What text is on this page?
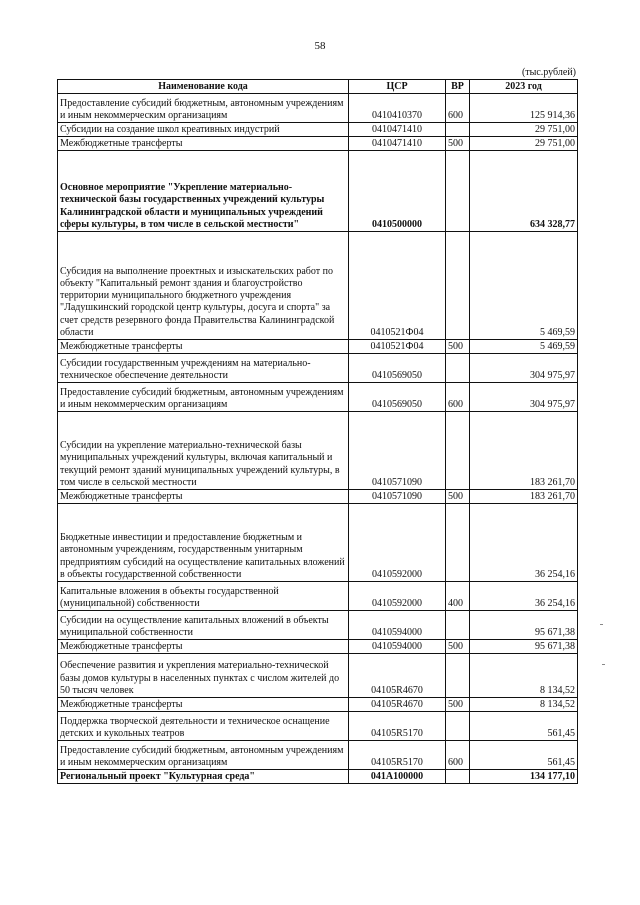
58
(тыс.рублей)
Наименование кода	ЦСР	ВР	2023 год
Предоставление субсидий бюджетным, автономным учреждениям и иным некоммерческим организациям	0410410370	600	125 914,36
Субсидии на создание школ креативных индустрий	0410471410		29 751,00
Межбюджетные трансферты	0410471410	500	29 751,00
Основное мероприятие "Укрепление материально-технической базы государственных учреждений культуры Калининградской области и муниципальных учреждений сферы культуры, в том числе в сельской местности"	0410500000		634 328,77
Субсидия на выполнение проектных и изыскательских работ по объекту "Капитальный ремонт здания и благоустройство территории муниципального бюджетного учреждения "Ладушкинский городской центр культуры, досуга и спорта" за счет средств резервного фонда Правительства Калининградской области	0410521Ф04		5 469,59
Межбюджетные трансферты	0410521Ф04	500	5 469,59
Субсидии государственным учреждениям на материально-техническое обеспечение деятельности	0410569050		304 975,97
Предоставление субсидий бюджетным, автономным учреждениям и иным некоммерческим организациям	0410569050	600	304 975,97
Субсидии на укрепление материально-технической базы муниципальных учреждений культуры, включая капитальный и текущий ремонт зданий муниципальных учреждений культуры, в том числе в сельской местности	0410571090		183 261,70
Межбюджетные трансферты	0410571090	500	183 261,70
Бюджетные инвестиции и предоставление бюджетным и автономным учреждениям, государственным унитарным предприятиям субсидий на осуществление капитальных вложений в объекты государственной собственности	0410592000		36 254,16
Капитальные вложения в объекты государственной (муниципальной) собственности	0410592000	400	36 254,16
Субсидии на осуществление капитальных вложений в объекты муниципальной собственности	0410594000		95 671,38
Межбюджетные трансферты	0410594000	500	95 671,38
Обеспечение развития и укрепления материально-технической базы домов культуры в населенных пунктах с числом жителей до 50 тысяч человек	04105R4670		8 134,52
Межбюджетные трансферты	04105R4670	500	8 134,52
Поддержка творческой деятельности и техническое оснащение детских и кукольных театров	04105R5170		561,45
Предоставление субсидий бюджетным, автономным учреждениям и иным некоммерческим организациям	04105R5170	600	561,45
Региональный проект "Культурная среда"	041A100000		134 177,10
